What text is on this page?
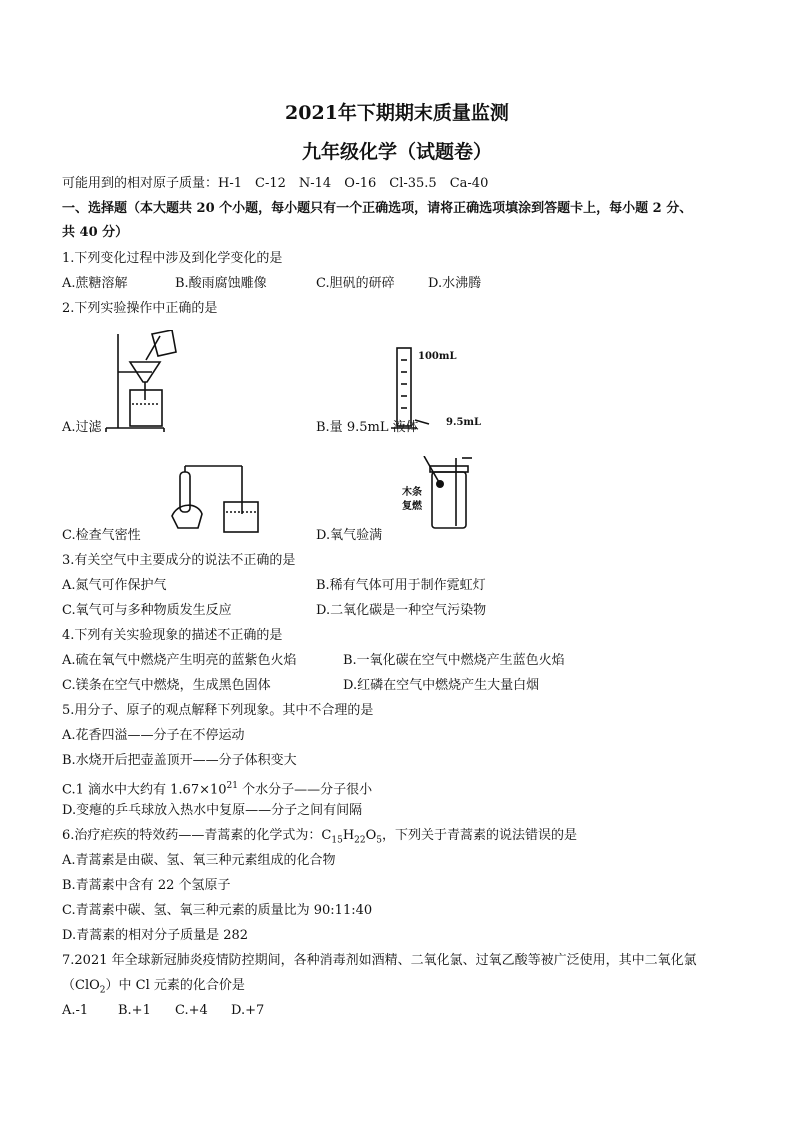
2021年下期期末质量监测
九年级化学（试题卷）
可能用到的相对原子质量：H-1　C-12　N-14　O-16　Cl-35.5　Ca-40
一、选择题（本大题共 20 个小题，每小题只有一个正确选项，请将正确选项填涂到答题卡上，每小题 2 分、
共 40 分）
1.下列变化过程中涉及到化学变化的是
A.蔗糖溶解	B.酸雨腐蚀雕像	C.胆矾的研碎	D.水沸腾
2.下列实验操作中正确的是
A.过滤
100mL
9.5mL
B.量 9.5mL 液体
C.检查气密性
木条
复燃
D.氧气验满
3.有关空气中主要成分的说法不正确的是
A.氮气可作保护气	B.稀有气体可用于制作霓虹灯
C.氧气可与多种物质发生反应	D.二氧化碳是一种空气污染物
4.下列有关实验现象的描述不正确的是
A.硫在氧气中燃烧产生明亮的蓝紫色火焰	B.一氧化碳在空气中燃烧产生蓝色火焰
C.镁条在空气中燃烧，生成黑色固体	D.红磷在空气中燃烧产生大量白烟
5.用分子、原子的观点解释下列现象。其中不合理的是
A.花香四溢——分子在不停运动
B.水烧开后把壶盖顶开——分子体积变大
C.1 滴水中大约有 $1.67\times 10^{21}$ 个水分子——分子很小
D.变瘪的乒乓球放入热水中复原——分子之间有间隔
6.治疗疟疾的特效药——青蒿素的化学式为：$C_{15}H_{22}O_5$，下列关于青蒿素的说法错误的是
A.青蒿素是由碳、氢、氧三种元素组成的化合物
B.青蒿素中含有 22 个氢原子
C.青蒿素中碳、氢、氧三种元素的质量比为 90:11:40
D.青蒿素的相对分子质量是 282
7.2021 年全球新冠肺炎疫情防控期间，各种消毒剂如酒精、二氧化氯、过氧乙酸等被广泛使用，其中二氧化氯
（ClO$_2$）中 Cl 元素的化合价是
A.-1 B.+1 C.+4 D.+7
